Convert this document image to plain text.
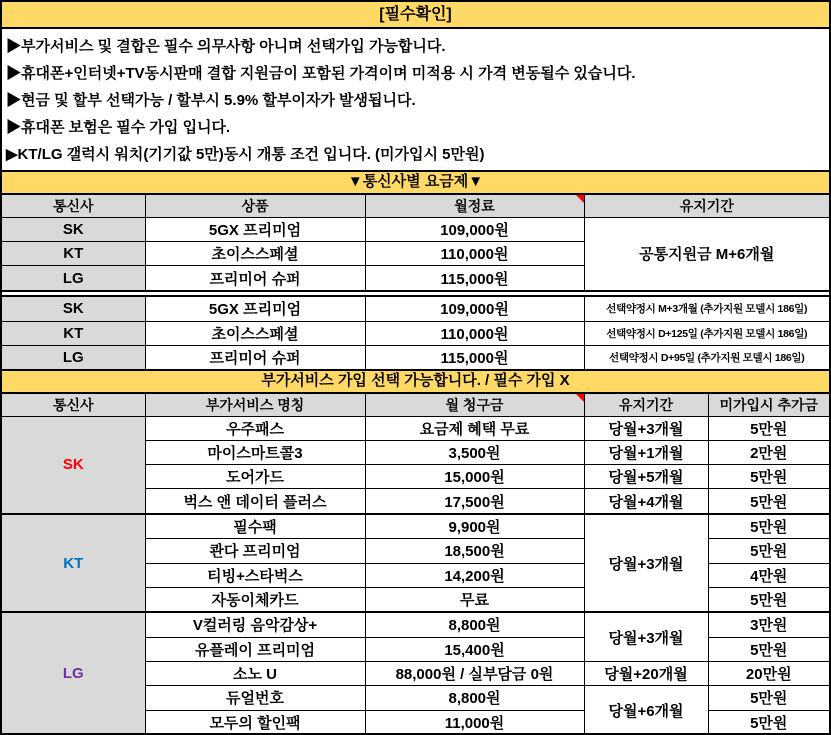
[필수확인]
▶부가서비스 및 결합은 필수 의무사항 아니며 선택가입 가능합니다.
▶휴대폰+인터넷+TV동시판매 결합 지원금이 포함된 가격이며 미적용 시 가격 변동될수 있습니다.
▶현금 및 할부 선택가능 / 할부시 5.9% 할부이자가 발생됩니다.
▶휴대폰 보험은 필수 가입 입니다.
▶KT/LG 갤럭시 워치(기기값 5만)동시 개통 조건 입니다. (미가입시 5만원)
▼통신사별 요금제▼
통신사	상품	월정료	유지기간
SK	5GX 프리미엄	109,000원	공통지원금 M+6개월
KT	초이스스페셜	110,000원	
LG	프리미어 슈퍼	115,000원	
SK	5GX 프리미엄	109,000원	선택약정시 M+3개월 (추가지원 모델시 186일)
KT	초이스스페셜	110,000원	선택약정시 D+125일 (추가지원 모델시 186일)
LG	프리미어 슈퍼	115,000원	선택약정시 D+95일 (추가지원 모델시 186일)
부가서비스 가입 선택 가능합니다. / 필수 가입 X
통신사	부가서비스 명칭	월 청구금	유지기간	미가입시 추가금
SK	우주패스	요금제 혜택 무료	당월+3개월	5만원
	마이스마트콜3	3,500원	당월+1개월	2만원
	도어가드	15,000원	당월+5개월	5만원
	벅스 앤 데이터 플러스	17,500원	당월+4개월	5만원
KT	필수팩	9,900원	당월+3개월	5만원
	콴다 프리미엄	18,500원		5만원
	티빙+스타벅스	14,200원		4만원
	자동이체카드	무료		5만원
LG	V컬러링 음악감상+	8,800원	당월+3개월	3만원
	유플레이 프리미엄	15,400원		5만원
	소노 U	88,000원 / 실부담금 0원	당월+20개월	20만원
	듀얼번호	8,800원	당월+6개월	5만원
	모두의 할인팩	11,000원		5만원
